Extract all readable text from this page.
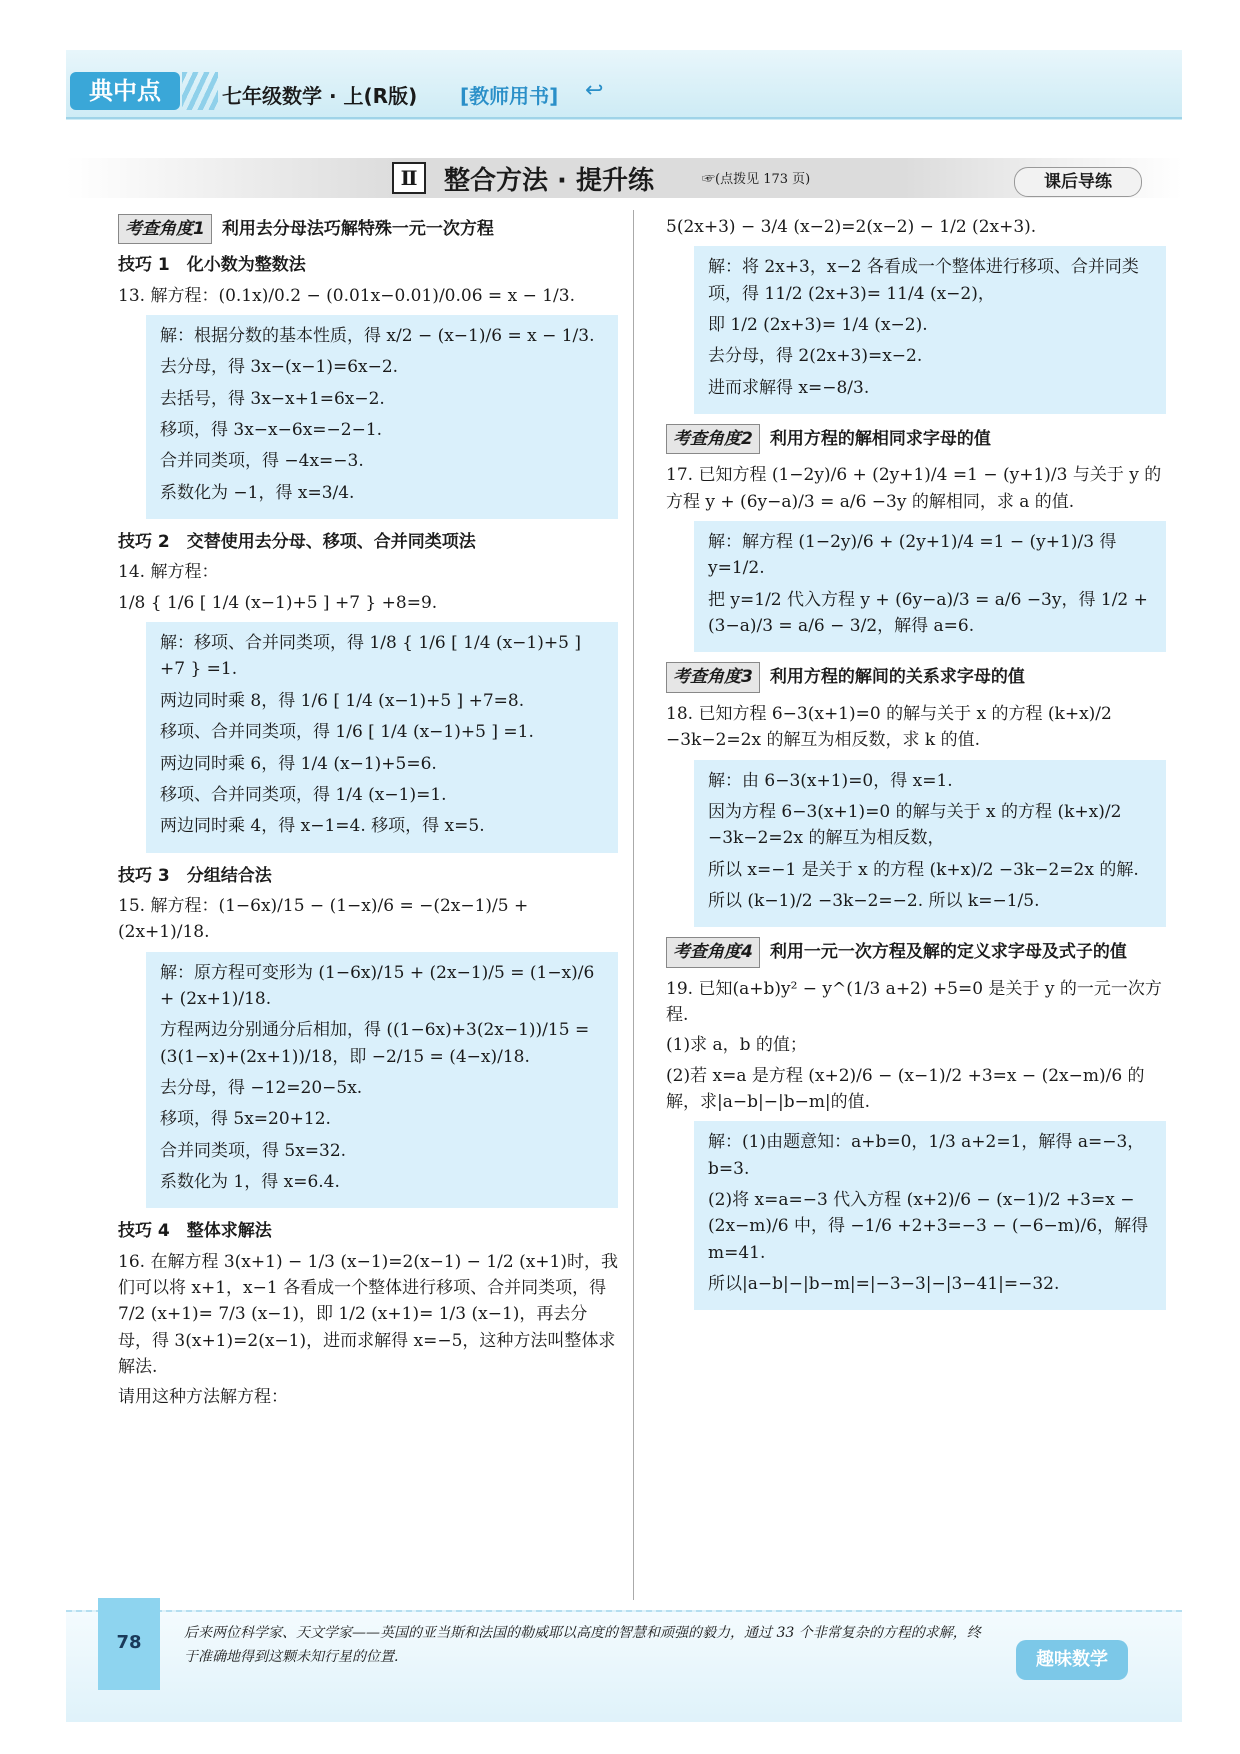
典中点	七年级数学 · 上(R版) [教师用书] ↩
Ⅱ	整合方法 · 提升练	☞(点拨见 173 页)	课后导练
考查角度1	利用去分母法巧解特殊一元一次方程
技巧 1　化小数为整数法
13. 解方程：(0.1x)/0.2 − (0.01x−0.01)/0.06 = x − 1/3.

解：根据分数的基本性质，得 x/2 − (x−1)/6 = x − 1/3.

去分母，得 3x−(x−1)=6x−2.

去括号，得 3x−x+1=6x−2.

移项，得 3x−x−6x=−2−1.

合并同类项，得 −4x=−3.

系数化为 −1，得 x=3/4.

技巧 2　交替使用去分母、移项、合并同类项法
14. 解方程：
1/8 { 1/6 [ 1/4 (x−1)+5 ] +7 } +8=9.

解：移项、合并同类项，得 1/8 { 1/6 [ 1/4 (x−1)+5 ] +7 } =1.

两边同时乘 8，得 1/6 [ 1/4 (x−1)+5 ] +7=8.

移项、合并同类项，得 1/6 [ 1/4 (x−1)+5 ] =1.

两边同时乘 6，得 1/4 (x−1)+5=6.

移项、合并同类项，得 1/4 (x−1)=1.

两边同时乘 4，得 x−1=4. 移项，得 x=5.

技巧 3　分组结合法
15. 解方程：(1−6x)/15 − (1−x)/6 = −(2x−1)/5 + (2x+1)/18.

解：原方程可变形为 (1−6x)/15 + (2x−1)/5 = (1−x)/6 + (2x+1)/18.

方程两边分别通分后相加，得 ((1−6x)+3(2x−1))/15 = (3(1−x)+(2x+1))/18，即 −2/15 = (4−x)/18.

去分母，得 −12=20−5x.

移项，得 5x=20+12.

合并同类项，得 5x=32.

系数化为 1，得 x=6.4.

技巧 4　整体求解法
16. 在解方程 3(x+1) − 1/3 (x−1)=2(x−1) − 1/2 (x+1)时，我们可以将 x+1，x−1 各看成一个整体进行移项、合并同类项，得 7/2 (x+1)= 7/3 (x−1)，即 1/2 (x+1)= 1/3 (x−1)，再去分母，得 3(x+1)=2(x−1)，进而求解得 x=−5，这种方法叫整体求解法.
请用这种方法解方程：
5(2x+3) − 3/4 (x−2)=2(x−2) − 1/2 (2x+3).

解：将 2x+3，x−2 各看成一个整体进行移项、合并同类项，得 11/2 (2x+3)= 11/4 (x−2)，

即 1/2 (2x+3)= 1/4 (x−2).

去分母，得 2(2x+3)=x−2.

进而求解得 x=−8/3.

考查角度2	利用方程的解相同求字母的值
17. 已知方程 (1−2y)/6 + (2y+1)/4 =1 − (y+1)/3 与关于 y 的方程 y + (6y−a)/3 = a/6 −3y 的解相同，求 a 的值.

解：解方程 (1−2y)/6 + (2y+1)/4 =1 − (y+1)/3 得 y=1/2.

把 y=1/2 代入方程 y + (6y−a)/3 = a/6 −3y，得 1/2 + (3−a)/3 = a/6 − 3/2，解得 a=6.

考查角度3	利用方程的解间的关系求字母的值
18. 已知方程 6−3(x+1)=0 的解与关于 x 的方程 (k+x)/2 −3k−2=2x 的解互为相反数，求 k 的值.

解：由 6−3(x+1)=0，得 x=1.

因为方程 6−3(x+1)=0 的解与关于 x 的方程 (k+x)/2 −3k−2=2x 的解互为相反数，

所以 x=−1 是关于 x 的方程 (k+x)/2 −3k−2=2x 的解.

所以 (k−1)/2 −3k−2=−2. 所以 k=−1/5.

考查角度4	利用一元一次方程及解的定义求字母及式子的值
19. 已知(a+b)y² − y^(1/3 a+2) +5=0 是关于 y 的一元一次方程.
(1)求 a，b 的值；
(2)若 x=a 是方程 (x+2)/6 − (x−1)/2 +3=x − (2x−m)/6 的解，求|a−b|−|b−m|的值.

解：(1)由题意知：a+b=0，1/3 a+2=1，解得 a=−3，b=3.

(2)将 x=a=−3 代入方程 (x+2)/6 − (x−1)/2 +3=x − (2x−m)/6 中，得 −1/6 +2+3=−3 − (−6−m)/6，解得 m=41.

所以|a−b|−|b−m|=|−3−3|−|3−41|=−32.

78	后来两位科学家、天文学家——英国的亚当斯和法国的勒威耶以高度的智慧和顽强的毅力，通过 33 个非常复杂的方程的求解，终于准确地得到这颗未知行星的位置.	趣味数学
